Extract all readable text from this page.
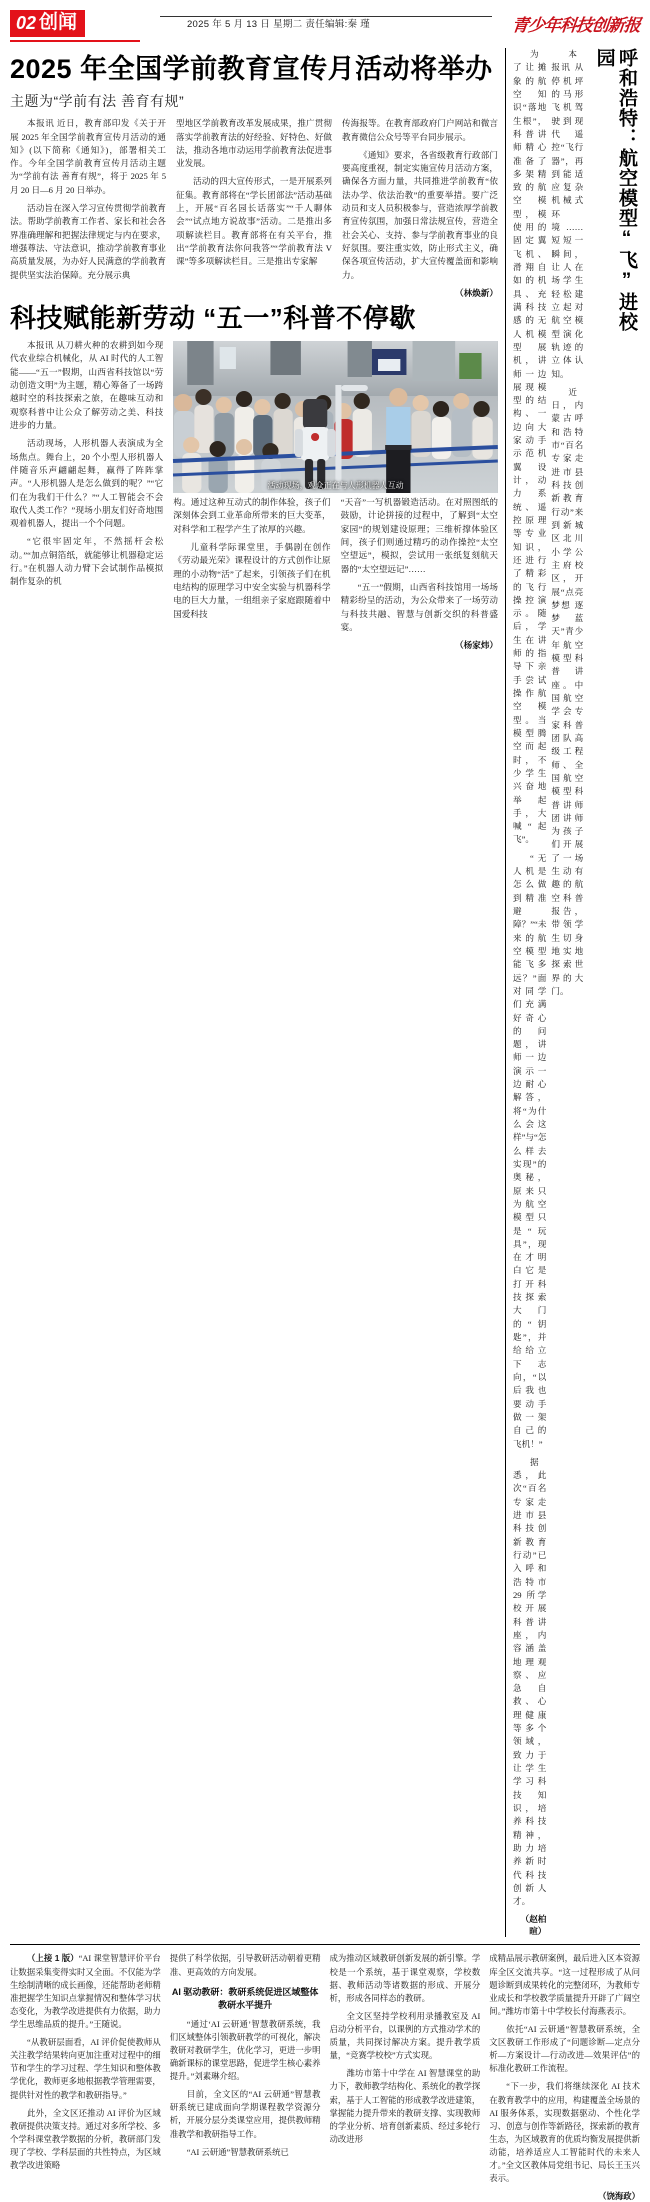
02 创闻	2025 年 5 月 13 日 星期二 责任编辑:秦 瑾	青少年科技创新报
2025 年全国学前教育宣传月活动将举办
主题为“学前有法 善育有规”

本报讯 近日，教育部印发《关于开展 2025 年全国学前教育宣传月活动的通知》(以下简称《通知》)，部署相关工作。今年全国学前教育宣传月活动主题为“学前有法 善育有规”，将于 2025 年 5 月 20 日—6 月 20 日举办。

活动旨在深入学习宣传贯彻学前教育法。帮助学前教育工作者、家长和社会各界准确理解和把握法律规定与内在要求，增强尊法、守法意识，推动学前教育事业高质量发展，为办好人民满意的学前教育提供坚实法治保障。充分展示典

型地区学前教育改革发展成果，推广贯彻落实学前教育法的好经验、好特色、好做法，推动各地市动运用学前教育法促进事业发展。

活动的四大宣传形式，一是开展系列征集。教育部将在“学长团部法”活动基础上，开展“百名园长话落实”“千人聊体会”“试点地方说故事”活动。二是推出多项解读栏目。教育部将在有关平台，推出“学前教育法你问我答”“学前教育法 V 课”等多项解读栏目。三是推出专家解

传海报等。在教育部政府门户网站和微言教育微信公众号等平台同步展示。

《通知》要求，各省级教育行政部门要高度重视，制定实施宣传月活动方案，确保各方面力量，共同推进学前教育“依法办学、依法治教”的重要举措。要广泛动员和支人员积极参与，营造浓厚学前教育宣传氛围，加强日常法规宣传，营造全社会关心、支持、参与学前教育事业的良好氛围。要注重实效，防止形式主义，确保各项宣传活动，扩大宣传覆盖面和影响力。

（林焕新）
科技赋能新劳动 “五一”科普不停歇

本报讯 从刀耕火种的农耕到如今现代农业综合机械化，从 AI 时代的人工智能——“五一”假期，山西省科技馆以“劳动创造文明”为主题，精心筹备了一场跨越时空的科技探索之旅，在趣味互动和观察科普中让公众了解劳动之美、科技进步的力量。

活动现场，人形机器人表演成为全场焦点。舞台上，20 个小型人形机器人伴随音乐声翩翩起舞，赢得了阵阵掌声。“人形机器人是怎么做到的呢？”“它们在为我们干什么？”“人工智能会不会取代人类工作？”现场小朋友们好奇地围观着机器人，提出一个个问题。

“它很牢固定年，不然摇杆会松动。”“加点铜箔纸，就能够让机器稳定运行。”在机器人动力臂下会试制作品模拟制作复杂的机

活动现场，观众正在与人形机器人互动

构。通过这种互动式的制作体验，孩子们深刻体会到工业革命所带来的巨大变革，对科学和工程学产生了浓厚的兴趣。

儿童科学际课堂里，手偶剧在创作《劳动最光荣》课程设计的方式创作让原理的小动物“活”了起来，引领孩子们在机电结构的原理学习中安全实验与机器科学电的巨大力量，一组组亲子家庭跟随着中国爱科技

“天音”一写机器锻造活动。在对照图纸的鼓励，计论拼接的过程中，了解到“太空家园”的规划建设原理；三维析撑体验区间，孩子们则通过精巧的动作操控“太空空望远”，模拟，尝试用一张纸复刻航天器的“太空望远记”……

“五一”假期，山西省科技馆用一场场精彩纷呈的活动，为公众带来了一场劳动与科技共融、智慧与创新交织的科普盛宴。

（杨家炜）
呼和浩特：航空模型“飞”进校园

本报讯 从停机坪的马形 飞机驾驶到现代遥控“飞行器”，再到能适应复杂机械式环境……短短一瞬间，让人在场学生轻松建立起对航空模型演化轨迹的立体认知。

近日，内蒙古呼和浩特市“百名专家走进市县科技创新教育行动”来到新城区北川小学公主府校区，开展“点亮梦想 逐梦蓝天”青少年航空模型科普讲座。中国航空学会专家科普团队高级工程师、全国航空模型科普讲师团讲师为孩子们开展了一场生动有趣的航空科普报告，带领学生切身地实地探索世界的大门。

为了让摊象的航空知识“落地生根”，科普讲师精心准备了多架精致的航空模型，模使用的固定翼飞机、滑翔自如的机具、充满科技感的无人机模型展机，讲师一边展现模型的结构、一边向大家动手示范机翼设计，动力系统、遥控原理等专业知识，还进行了精彩的飞行操控演示。随后，学生在讲师的指导下亲手尝试操作航空模型。当模型腾空而起时，不少学生兴奋地举起手，大喊“起飞”。

“无人机是怎么做到精准避障？”“未来的航空模型能飞多远？”面对同学们充满好奇心的问题，讲师一边演示一边耐心解答，将“为什么会这样”与“怎么样去实现”的奥秘，原来只为航空模型只是“玩具”，现在才明白它是打开科技探索大门的“钥匙”，并给给立下志向，“以后我也要动手做一架自己的飞机！”

据悉，此次“百名专家走进市县科技创新教育行动”已入呼和浩特市 29 所学校开展科普讲座，内容涵盖地理观察、应急自救、心理健康等多个领域，致力于让学生学习科技知识，培养科技精神，助力培养新时代科技创新人才。

（赵柏暄）

（上接 1 版）“AI 课堂智慧评价平台让数据采集变得实时又全面。不仅能为学生绘制清晰的成长画像，还能帮助老师精准把握学生知识点掌握情况和整体学习状态变化，为教学改进提供有力依据，助力学生思维品质的提升。”王随说。

“从教研层面看，AI 评价促使教师从关注教学结果转向更加注重对过程中的细节和学生的学习过程、学生知识和整体教学优化，教师更多地根据教学管理需要，提供针对性的教学和教研指导。”

此外，全文区还推动 AI 评价为区域教研提供决策支持。通过对多所学校、多个学科课堂教学数据的分析，教研部门发现了学校、学科层面的共性特点，为区域教学改进策略

提供了科学依据，引导教研活动朝着更精准、更高效的方向发展。

AI 驱动教研：教研系统促进区域整体教研水平提升

“通过‘AI 云研通’智慧教研系统，我们区域整体引领教研教学的可视化，解决教研对教研学生，优化学习，更进一步明确新课标的课堂思路，促进学生核心素养提升。”刘素琳介绍。

目前，全文区的“AI 云研通”智慧教研系统已建成面向学期课程教学资源分析，开展分层分类课堂应用，提供教师精准教学和教研指导工作。

“AI 云研通”智慧教研系统已

成为推动区域教研创新发展的新引擎。学校是一个系统，基于课堂观察，学校数据、教师活动等诸数据的形成、开展分析，形成各同样态的教研。

全文区坚持学校利用录播教室及 AI 启动分析平台，以课例的方式推动学术的质量，共同探讨解决方案。提升教学质量，“竞赛学校校”方式实现。

潍坊市第十中学在 AI 智慧课堂的助力下，教师教学结构化、系统化的教学探索，基于人工智能的形成教学改进建策，掌握能力提升带来的教研支撑、实现教师的学业分析、培育创新素质、经过多轮行动改进形

成精品展示教研案例，最后进入区本资源库全区交流共享。“这一过程形成了从问题诊断到成果转化的完整闭环，为教师专业成长和学校教学质量提升开辟了广阔空间。”潍坊市第十中学校长付海燕表示。

依托“AI 云研通”智慧教研系统，全文区教研工作形成了“问题诊断—定点分析—方案设计—行动改进—效果评估”的标准化教研工作流程。

“下一步，我们将继续深化 AI 技术在教育教学中的应用，构建覆盖全场景的 AI 服务体系，实现数据驱动、个性化学习、创意与创作等新路径，探索新的教育生态，为区域教育的优质均衡发展提供新动能，培养适应人工智能时代的未来人才。”全文区教体局党组书记、局长王玉兴表示。

（饶海政）
